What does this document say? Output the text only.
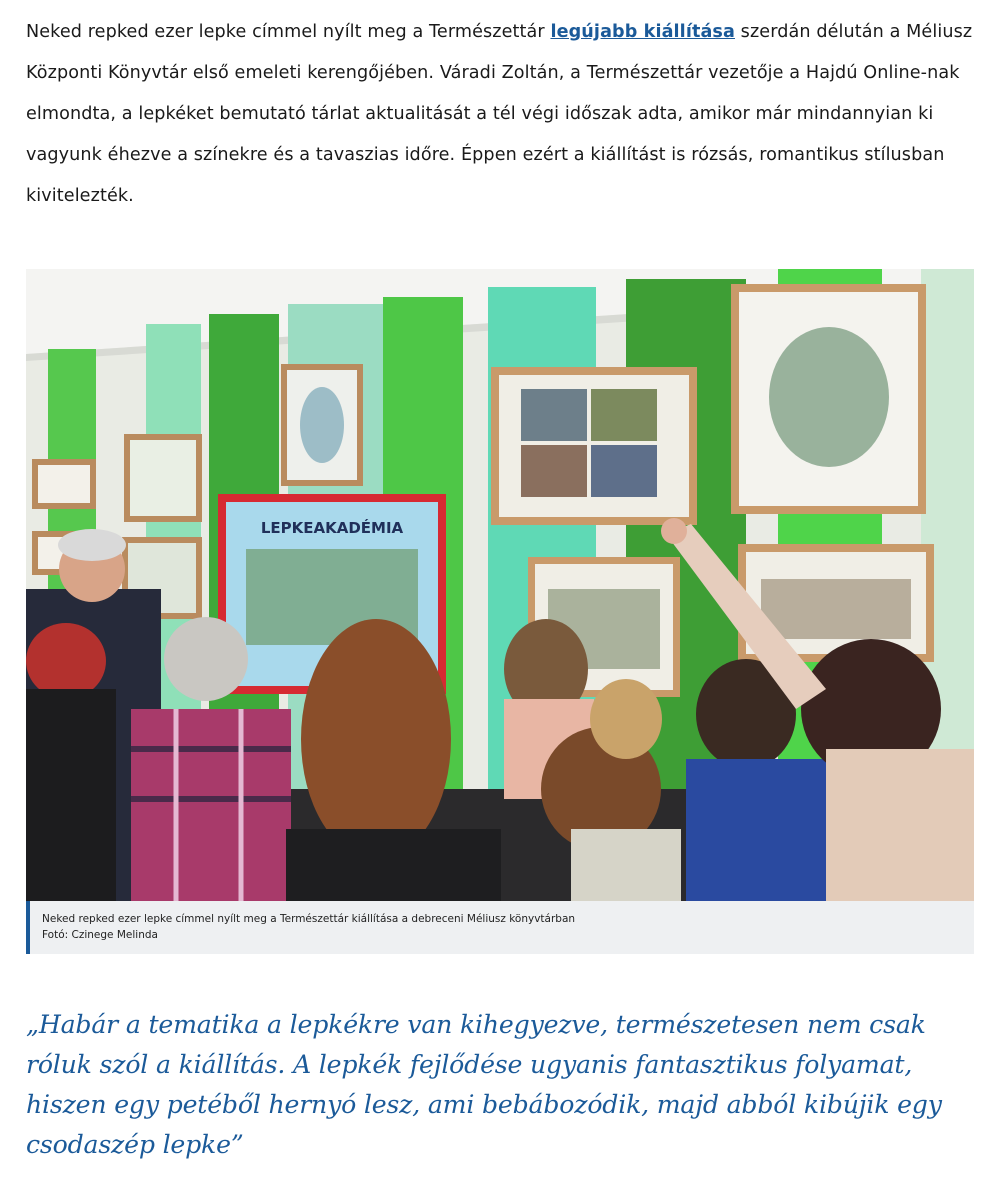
Neked repked ezer lepke címmel nyílt meg a Természettár legújabb kiállítása szerdán délután a Méliusz Központi Könyvtár első emeleti kerengőjében. Váradi Zoltán, a Természettár vezetője a Hajdú Online-nak elmondta, a lepkéket bemutató tárlat aktualitását a tél végi időszak adta, amikor már mindannyian ki vagyunk éhezve a színekre és a tavaszias időre. Éppen ezért a kiállítást is rózsás, romantikus stílusban kivitelezték.

LEPKEAKADÉMIA
Neked repked ezer lepke címmel nyílt meg a Természettár kiállítása a debreceni Méliusz könyvtárban
Fotó: Czinege Melinda

„Habár a tematika a lepkékre van kihegyezve, természetesen nem csak róluk szól a kiállítás. A lepkék fejlődése ugyanis fantasztikus folyamat, hiszen egy petéből hernyó lesz, ami bebábozódik, majd abból kibújik egy csodaszép lepke”
